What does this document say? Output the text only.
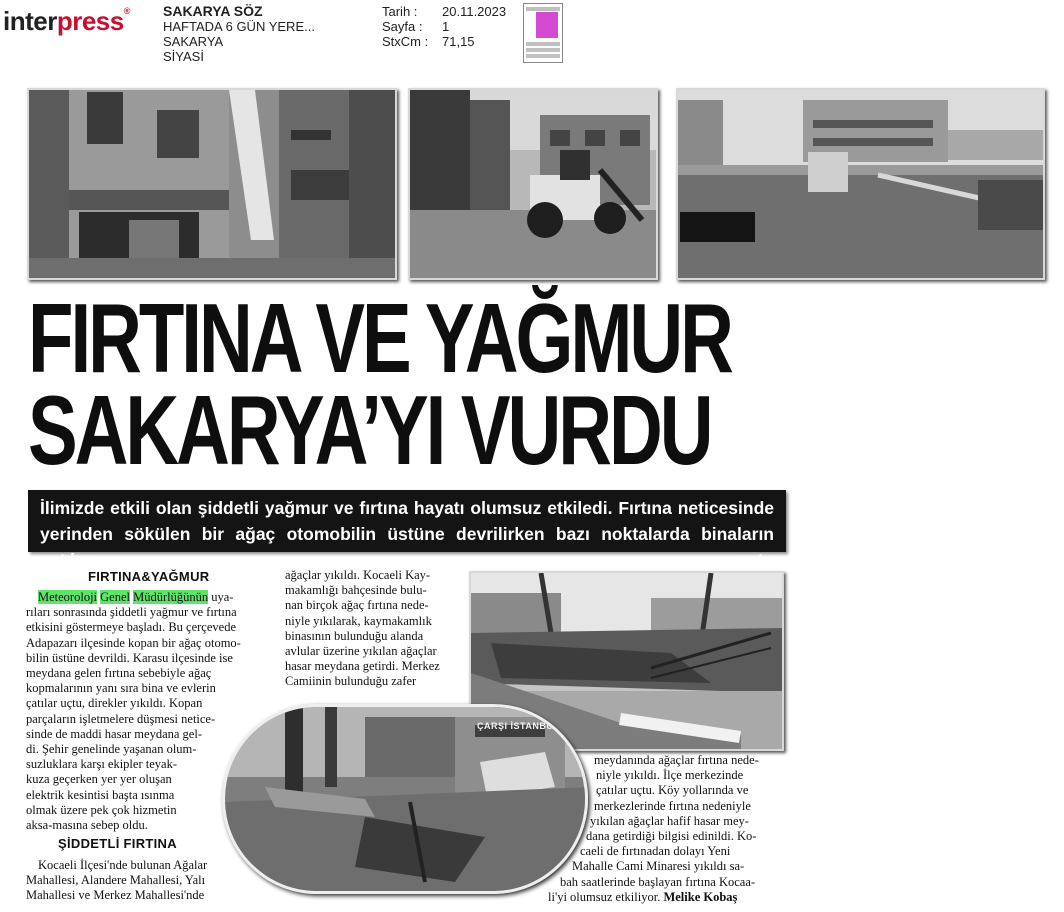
interpress® SAKARYA SÖZ
HAFTADA 6 GÜN YERE...
SAKARYA
SİYASİ
Tarih :	20.11.2023
Sayfa :	1
StxCm :	71,15
FIRTINA VE YAĞMUR
SAKARYA’YI VURDU
İlimizde etkili olan şiddetli yağmur ve fırtına hayatı olumsuz etkiledi. Fırtına neticesinde yerinden sökülen bir ağaç otomobilin üstüne devrilirken bazı noktalarda binaların çatıları uçtu
FIRTINA&YAĞMUR
Meteoroloji Genel Müdürlüğünün uya-
rıları sonrasında şiddetli yağmur ve fırtına
etkisini göstermeye başladı. Bu çerçevede
Adapazarı ilçesinde kopan bir ağaç otomo-
bilin üstüne devrildi. Karasu ilçesinde ise
meydana gelen fırtına sebebiyle ağaç
kopmalarının yanı sıra bina ve evlerin
çatılar uçtu, direkler yıkıldı. Kopan
parçaların işletmelere düşmesi netice-
sinde de maddi hasar meydana gel-
di. Şehir genelinde yaşanan olum-
suzluklara karşı ekipler teyak-
kuza geçerken yer yer oluşan
elektrik kesintisi başta ısınma
olmak üzere pek çok hizmetin
aksa-masına sebep oldu.
ŞİDDETLİ FIRTINA
Kocaeli İlçesi'nde bulunan Ağalar
Mahallesi, Alandere Mahallesi, Yalı
Mahallesi ve Merkez Mahallesi'nde
ağaçlar yıkıldı. Kocaeli Kay-
makamlığı bahçesinde bulu-
nan birçok ağaç fırtına nede-
niyle yıkılarak, kaymakamlık
binasının bulunduğu alanda
avlular üzerine yıkılan ağaçlar
hasar meydana getirdi. Merkez
Camiinin bulunduğu zafer
ÇARŞI İSTANBUL
meydanında ağaçlar fırtına nede-
niyle yıkıldı. İlçe merkezinde
çatılar uçtu. Köy yollarında ve
merkezlerinde fırtına nedeniyle
yıkılan ağaçlar hafif hasar mey-
dana getirdiği bilgisi edinildi. Ko-
caeli de fırtınadan dolayı Yeni
Mahalle Cami Minaresi yıkıldı sa-
bah saatlerinde başlayan fırtına Kocaa-
li'yi olumsuz etkiliyor. Melike Kobaş
